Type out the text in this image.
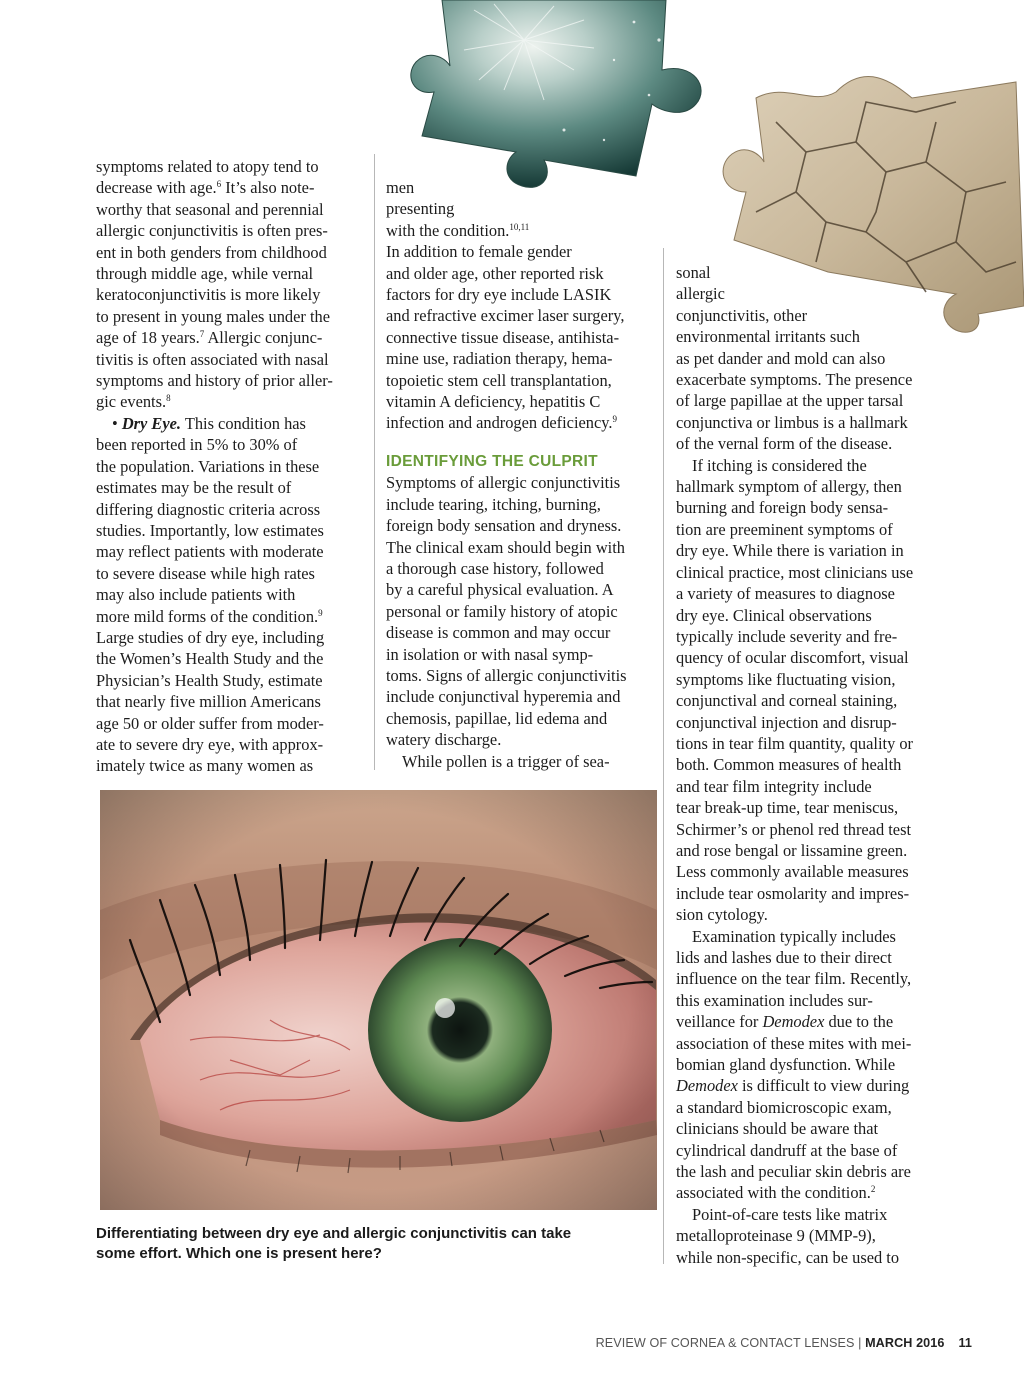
symptoms related to atopy tend to
decrease with age.$^6$ It’s also note-
worthy that seasonal and perennial
allergic conjunctivitis is often pres-
ent in both genders from childhood
through middle age, while vernal
keratoconjunctivitis is more likely
to present in young males under the
age of 18 years.$^7$ Allergic conjunc-
tivitis is often associated with nasal
symptoms and history of prior aller-
gic events.$^8$

• Dry Eye. This condition has
been reported in 5% to 30% of
the population. Variations in these
estimates may be the result of
differing diagnostic criteria across
studies. Importantly, low estimates
may reflect patients with moderate
to severe disease while high rates
may also include patients with
more mild forms of the condition.$^9$
Large studies of dry eye, including
the Women’s Health Study and the
Physician’s Health Study, estimate
that nearly five million Americans
age 50 or older suffer from moder-
ate to severe dry eye, with approx-
imately twice as many women as

men
presenting
with the condition.$^{10,11}$

In addition to female gender
and older age, other reported risk
factors for dry eye include LASIK
and refractive excimer laser surgery,
connective tissue disease, antihista-
mine use, radiation therapy, hema-
topoietic stem cell transplantation,
vitamin A deficiency, hepatitis C
infection and androgen deficiency.$^9$

IDENTIFYING THE CULPRIT

Symptoms of allergic conjunctivitis
include tearing, itching, burning,
foreign body sensation and dryness.
The clinical exam should begin with
a thorough case history, followed
by a careful physical evaluation. A
personal or family history of atopic
disease is common and may occur
in isolation or with nasal symp-
toms. Signs of allergic conjunctivitis
include conjunctival hyperemia and
chemosis, papillae, lid edema and
watery discharge.

While pollen is a trigger of sea-

sonal
allergic
conjunctivitis, other
environmental irritants such
as pet dander and mold can also
exacerbate symptoms. The presence
of large papillae at the upper tarsal
conjunctiva or limbus is a hallmark
of the vernal form of the disease.

If itching is considered the
hallmark symptom of allergy, then
burning and foreign body sensa-
tion are preeminent symptoms of
dry eye. While there is variation in
clinical practice, most clinicians use
a variety of measures to diagnose
dry eye. Clinical observations
typically include severity and fre-
quency of ocular discomfort, visual
symptoms like fluctuating vision,
conjunctival and corneal staining,
conjunctival injection and disrup-
tions in tear film quantity, quality or
both. Common measures of health
and tear film integrity include
tear break-up time, tear meniscus,
Schirmer’s or phenol red thread test
and rose bengal or lissamine green.
Less commonly available measures
include tear osmolarity and impres-
sion cytology.

Examination typically includes
lids and lashes due to their direct
influence on the tear film. Recently,
this examination includes sur-
veillance for Demodex due to the
association of these mites with mei-
bomian gland dysfunction. While
Demodex is difficult to view during
a standard biomicroscopic exam,
clinicians should be aware that
cylindrical dandruff at the base of
the lash and peculiar skin debris are
associated with the condition.$^2$

Point-of-care tests like matrix
metalloproteinase 9 (MMP-9),
while non-specific, can be used to

Differentiating between dry eye and allergic conjunctivitis can take
some effort. Which one is present here?
REVIEW OF CORNEA & CONTACT LENSES | MARCH 2016 11
